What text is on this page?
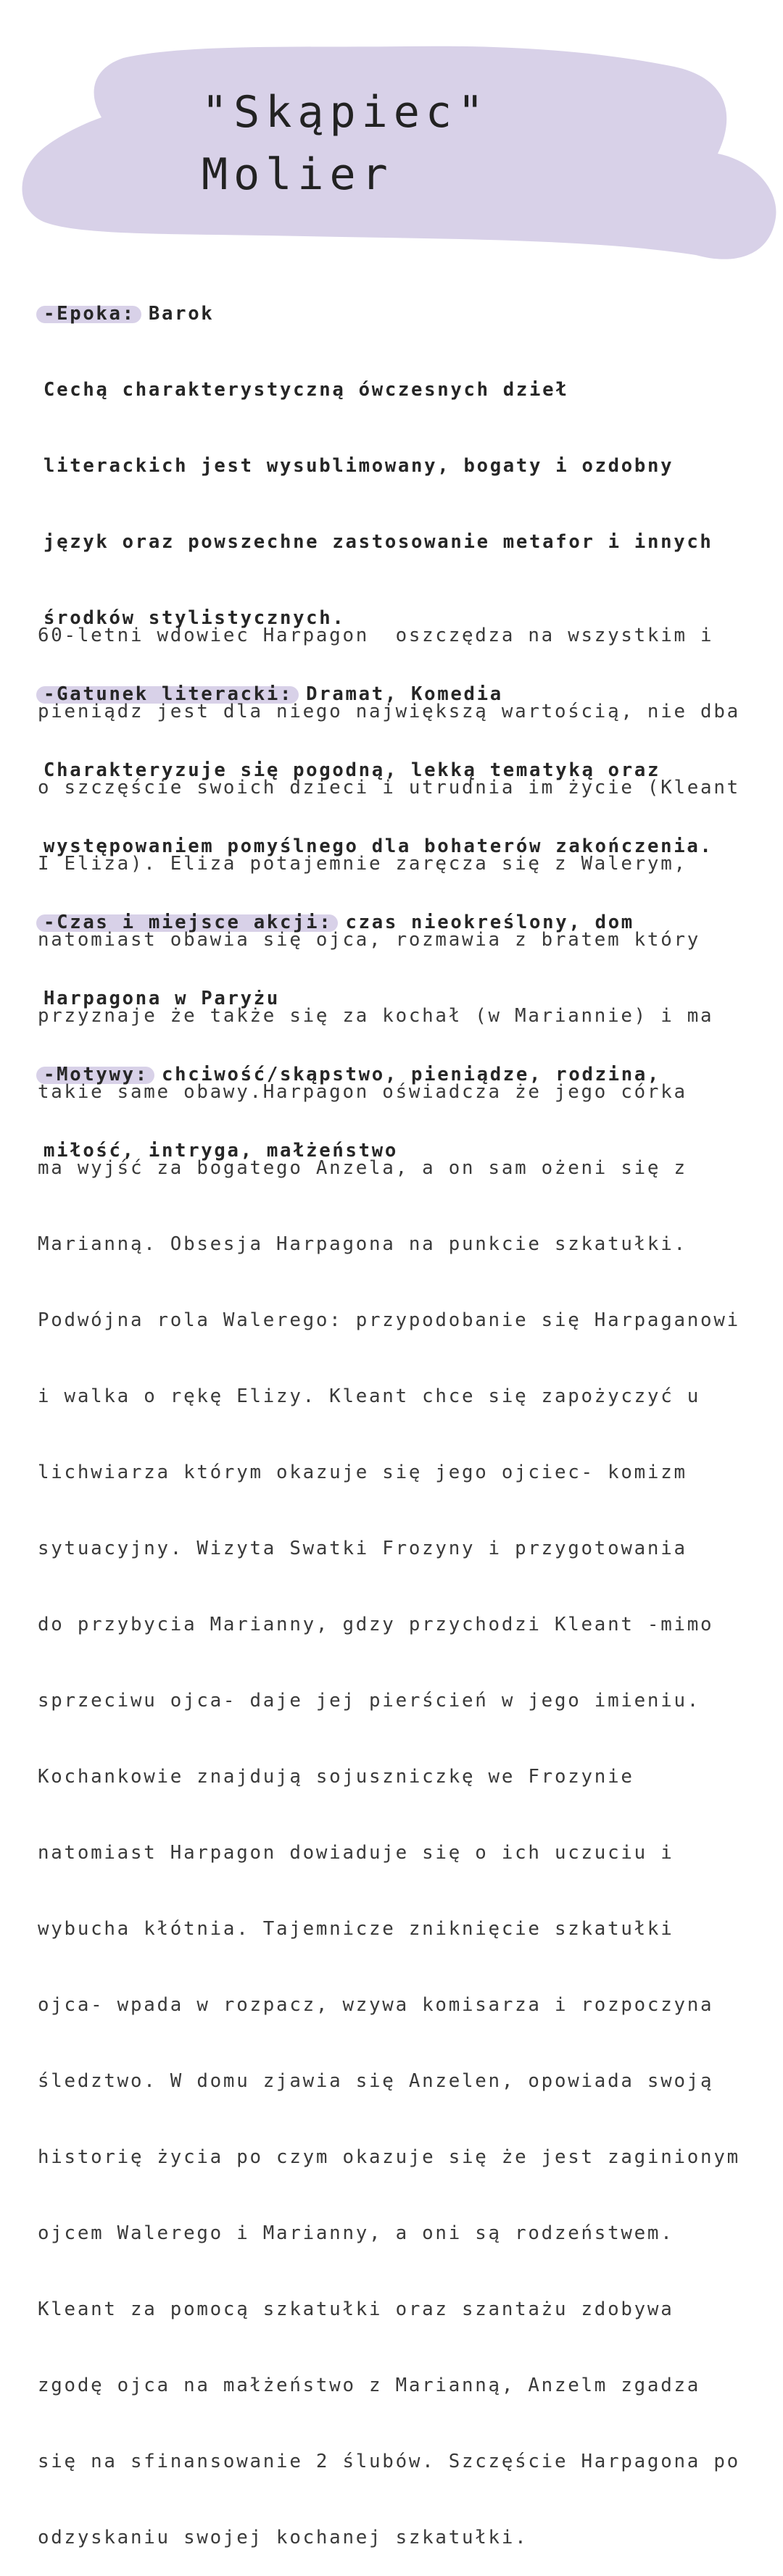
"Skąpiec"
Molier

-Epoka: Barok

Cechą charakterystyczną ówczesnych dzieł

literackich jest wysublimowany, bogaty i ozdobny

język oraz powszechne zastosowanie metafor i innych

środków stylistycznych.

-Gatunek literacki: Dramat, Komedia

Charakteryzuje się pogodną, lekką tematyką oraz

występowaniem pomyślnego dla bohaterów zakończenia.

-Czas i miejsce akcji: czas nieokreślony, dom

Harpagona w Paryżu

-Motywy: chciwość/skąpstwo, pieniądze, rodzina,

miłość, intryga, małżeństwo

60-letni wdowiec Harpagon  oszczędza na wszystkim i

pieniądz jest dla niego największą wartością, nie dba

o szczęście swoich dzieci i utrudnia im życie (Kleant

I Eliza). Eliza potajemnie zaręcza się z Walerym,

natomiast obawia się ojca, rozmawia z bratem który

przyznaje że także się za kochał (w Mariannie) i ma

takie same obawy.Harpagon oświadcza że jego córka

ma wyjść za bogatego Anzela, a on sam ożeni się z

Marianną. Obsesja Harpagona na punkcie szkatułki.

Podwójna rola Walerego: przypodobanie się Harpaganowi

i walka o rękę Elizy. Kleant chce się zapożyczyć u

lichwiarza którym okazuje się jego ojciec- komizm

sytuacyjny. Wizyta Swatki Frozyny i przygotowania

do przybycia Marianny, gdzy przychodzi Kleant -mimo

sprzeciwu ojca- daje jej pierścień w jego imieniu.

Kochankowie znajdują sojuszniczkę we Frozynie

natomiast Harpagon dowiaduje się o ich uczuciu i

wybucha kłótnia. Tajemnicze zniknięcie szkatułki

ojca- wpada w rozpacz, wzywa komisarza i rozpoczyna

śledztwo. W domu zjawia się Anzelen, opowiada swoją

historię życia po czym okazuje się że jest zaginionym

ojcem Walerego i Marianny, a oni są rodzeństwem.

Kleant za pomocą szkatułki oraz szantażu zdobywa

zgodę ojca na małżeństwo z Marianną, Anzelm zgadza

się na sfinansowanie 2 ślubów. Szczęście Harpagona po

odzyskaniu swojej kochanej szkatułki.
